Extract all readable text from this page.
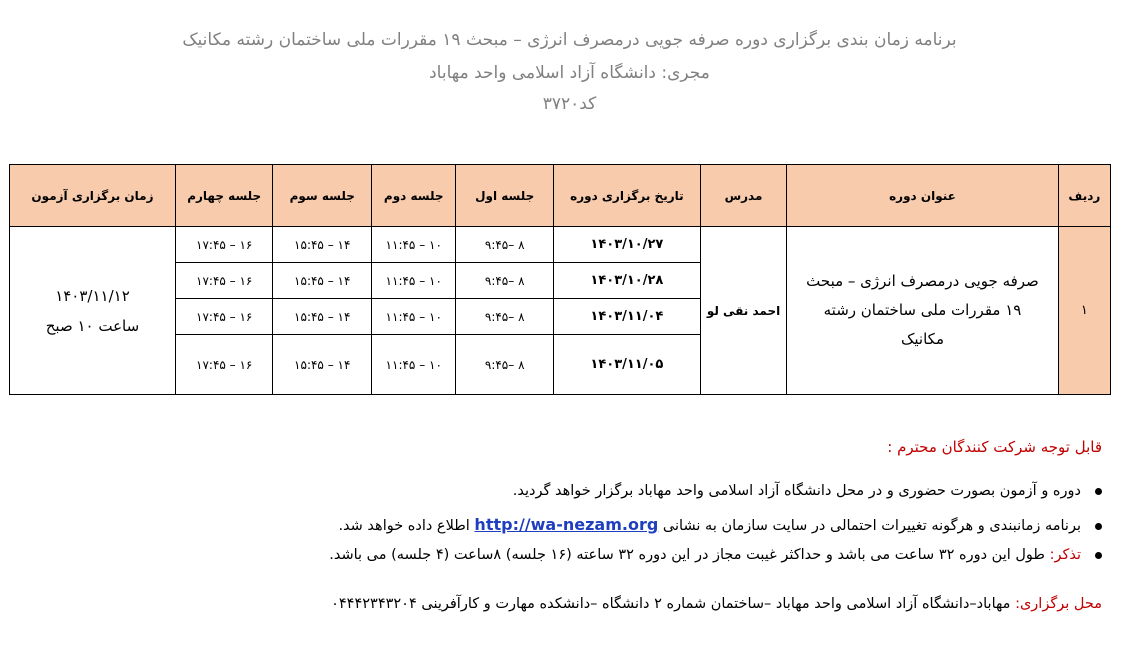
برنامه زمان بندی برگزاری دوره صرفه جویی درمصرف انرژی – مبحث ۱۹ مقررات ملی ساختمان رشته مکانیک
مجری: دانشگاه آزاد اسلامی واحد مهاباد
کد۳۷۲۰
ردیف	عنوان دوره	مدرس	تاریخ برگزاری دوره	جلسه اول	جلسه دوم	جلسه سوم	جلسه چهارم	زمان برگزاری آزمون
۱	صرفه جویی درمصرف انرژی – مبحث ۱۹ مقررات ملی ساختمان رشته مکانیک	احمد نقی لو	۱۴۰۳/۱۰/۲۷	۸ –۹:۴۵	۱۰ – ۱۱:۴۵	۱۴ – ۱۵:۴۵	۱۶ – ۱۷:۴۵	۱۴۰۳/۱۱/۱۲
ساعت ۱۰ صبح

			۱۴۰۳/۱۰/۲۸	۸ –۹:۴۵	۱۰ – ۱۱:۴۵	۱۴ – ۱۵:۴۵	۱۶ – ۱۷:۴۵	
			۱۴۰۳/۱۱/۰۴	۸ –۹:۴۵	۱۰ – ۱۱:۴۵	۱۴ – ۱۵:۴۵	۱۶ – ۱۷:۴۵	
			۱۴۰۳/۱۱/۰۵	۸ –۹:۴۵	۱۰ – ۱۱:۴۵	۱۴ – ۱۵:۴۵	۱۶ – ۱۷:۴۵	
قابل توجه شرکت کنندگان محترم :
دوره و آزمون بصورت حضوری و در محل دانشگاه آزاد اسلامی واحد مهاباد برگزار خواهد گردید.
برنامه زمانبندی و هرگونه تغییرات احتمالی در سایت سازمان به نشانی http://wa-nezam.org اطلاع داده خواهد شد.
تذکر: طول این دوره ۳۲ ساعت می باشد و حداکثر غیبت مجاز در این دوره ۳۲ ساعته (۱۶ جلسه) ۸ساعت (۴ جلسه) می باشد.
محل برگزاری: مهاباد–دانشگاه آزاد اسلامی واحد مهاباد –ساختمان شماره ۲ دانشگاه –دانشکده مهارت و کارآفرینی ۰۴۴۴۲۳۴۳۲۰۴
